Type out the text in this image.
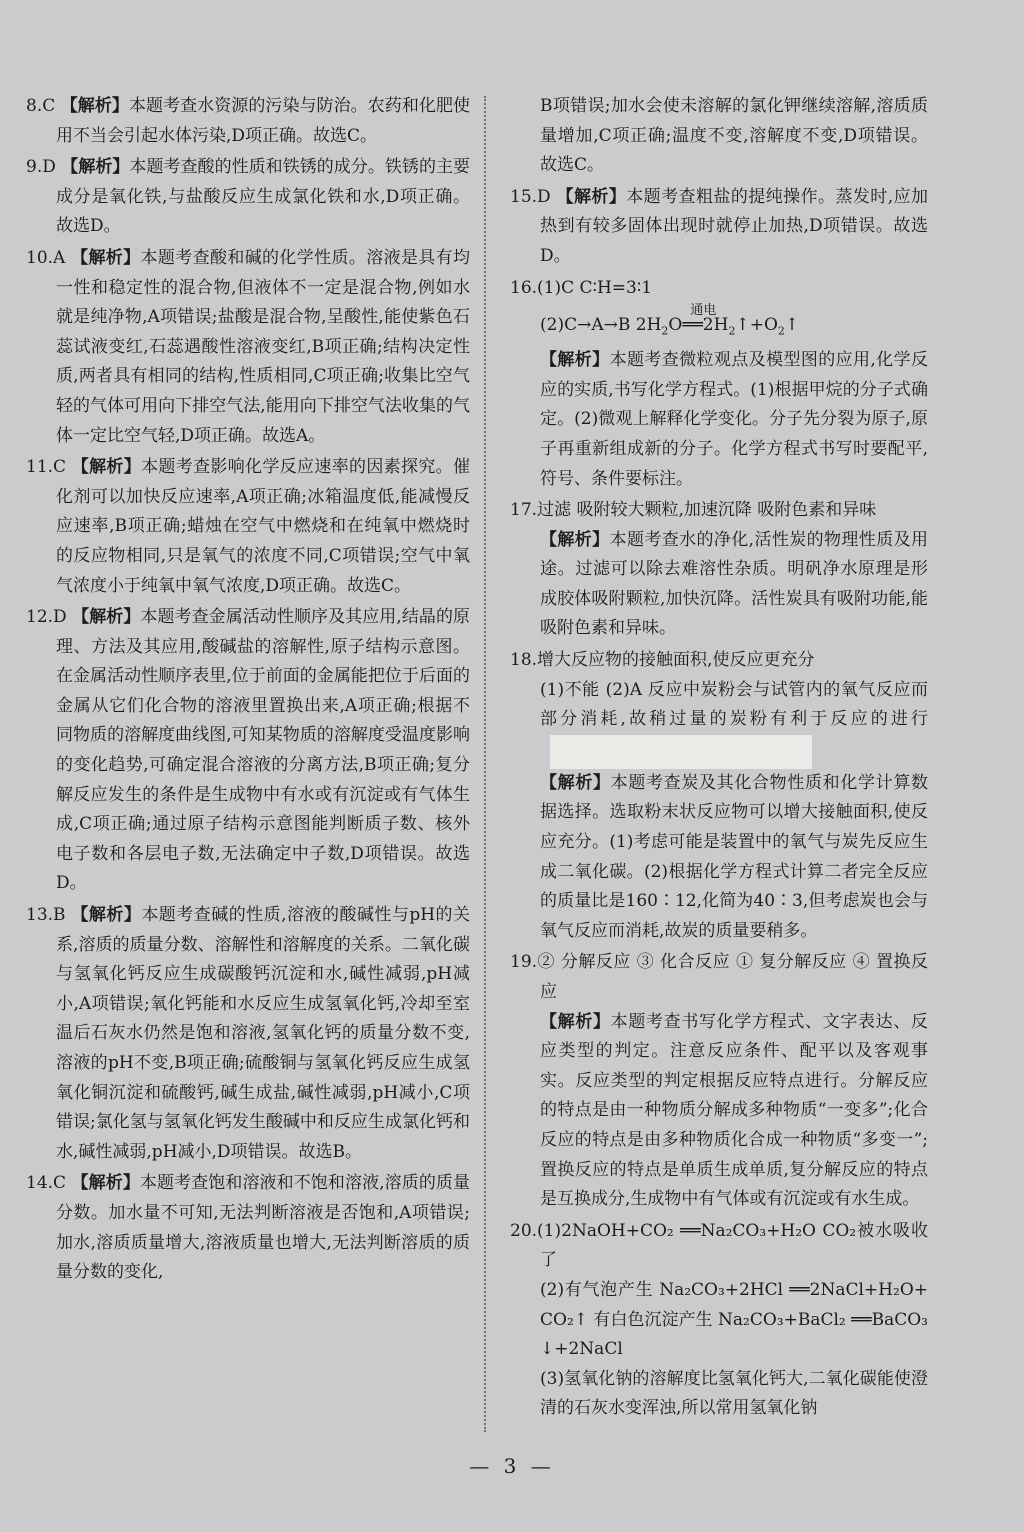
8.C 【解析】本题考查水资源的污染与防治。农药和化肥使用不当会引起水体污染,D项正确。故选C。
9.D 【解析】本题考查酸的性质和铁锈的成分。铁锈的主要成分是氧化铁,与盐酸反应生成氯化铁和水,D项正确。故选D。
10.A 【解析】本题考查酸和碱的化学性质。溶液是具有均一性和稳定性的混合物,但液体不一定是混合物,例如水就是纯净物,A项错误;盐酸是混合物,呈酸性,能使紫色石蕊试液变红,石蕊遇酸性溶液变红,B项正确;结构决定性质,两者具有相同的结构,性质相同,C项正确;收集比空气轻的气体可用向下排空气法,能用向下排空气法收集的气体一定比空气轻,D项正确。故选A。
11.C 【解析】本题考查影响化学反应速率的因素探究。催化剂可以加快反应速率,A项正确;冰箱温度低,能减慢反应速率,B项正确;蜡烛在空气中燃烧和在纯氧中燃烧时的反应物相同,只是氧气的浓度不同,C项错误;空气中氧气浓度小于纯氧中氧气浓度,D项正确。故选C。
12.D 【解析】本题考查金属活动性顺序及其应用,结晶的原理、方法及其应用,酸碱盐的溶解性,原子结构示意图。在金属活动性顺序表里,位于前面的金属能把位于后面的金属从它们化合物的溶液里置换出来,A项正确;根据不同物质的溶解度曲线图,可知某物质的溶解度受温度影响的变化趋势,可确定混合溶液的分离方法,B项正确;复分解反应发生的条件是生成物中有水或有沉淀或有气体生成,C项正确;通过原子结构示意图能判断质子数、核外电子数和各层电子数,无法确定中子数,D项错误。故选D。
13.B 【解析】本题考查碱的性质,溶液的酸碱性与pH的关系,溶质的质量分数、溶解性和溶解度的关系。二氧化碳与氢氧化钙反应生成碳酸钙沉淀和水,碱性减弱,pH减小,A项错误;氧化钙能和水反应生成氢氧化钙,冷却至室温后石灰水仍然是饱和溶液,氢氧化钙的质量分数不变,溶液的pH不变,B项正确;硫酸铜与氢氧化钙反应生成氢氧化铜沉淀和硫酸钙,碱生成盐,碱性减弱,pH减小,C项错误;氯化氢与氢氧化钙发生酸碱中和反应生成氯化钙和水,碱性减弱,pH减小,D项错误。故选B。
14.C 【解析】本题考查饱和溶液和不饱和溶液,溶质的质量分数。加水量不可知,无法判断溶液是否饱和,A项错误;加水,溶质质量增大,溶液质量也增大,无法判断溶质的质量分数的变化,
B项错误;加水会使未溶解的氯化钾继续溶解,溶质质量增加,C项正确;温度不变,溶解度不变,D项错误。故选C。
15.D 【解析】本题考查粗盐的提纯操作。蒸发时,应加热到有较多固体出现时就停止加热,D项错误。故选D。
16.(1)C C∶H=3∶1
(2)C→A→B $2H_2O$
通电
$══2H_2↑+O_2↑$
【解析】本题考查微粒观点及模型图的应用,化学反应的实质,书写化学方程式。(1)根据甲烷的分子式确定。(2)微观上解释化学变化。分子先分裂为原子,原子再重新组成新的分子。化学方程式书写时要配平,符号、条件要标注。
17.过滤 吸附较大颗粒,加速沉降 吸附色素和异味
【解析】本题考查水的净化,活性炭的物理性质及用途。过滤可以除去难溶性杂质。明矾净水原理是形成胶体吸附颗粒,加快沉降。活性炭具有吸附功能,能吸附色素和异味。
18.增大反应物的接触面积,使反应更充分
(1)不能 (2)A 反应中炭粉会与试管内的氧气反应而部分消耗,故稍过量的炭粉有利于反应的进行
【解析】本题考查炭及其化合物性质和化学计算数据选择。选取粉末状反应物可以增大接触面积,使反应充分。(1)考虑可能是装置中的氧气与炭先反应生成二氧化碳。(2)根据化学方程式计算二者完全反应的质量比是160∶12,化简为40∶3,但考虑炭也会与氧气反应而消耗,故炭的质量要稍多。
19.② 分解反应 ③ 化合反应 ① 复分解反应 ④ 置换反应
【解析】本题考查书写化学方程式、文字表达、反应类型的判定。注意反应条件、配平以及客观事实。反应类型的判定根据反应特点进行。分解反应的特点是由一种物质分解成多种物质“一变多”;化合反应的特点是由多种物质化合成一种物质“多变一”;置换反应的特点是单质生成单质,复分解反应的特点是互换成分,生成物中有气体或有沉淀或有水生成。
20.(1)2NaOH+CO₂ ══Na₂CO₃+H₂O CO₂被水吸收了
(2)有气泡产生 Na₂CO₃+2HCl ══2NaCl+H₂O+CO₂↑ 有白色沉淀产生 Na₂CO₃+BaCl₂ ══BaCO₃↓+2NaCl
(3)氢氧化钠的溶解度比氢氧化钙大,二氧化碳能使澄清的石灰水变浑浊,所以常用氢氧化钠
— 3 —
